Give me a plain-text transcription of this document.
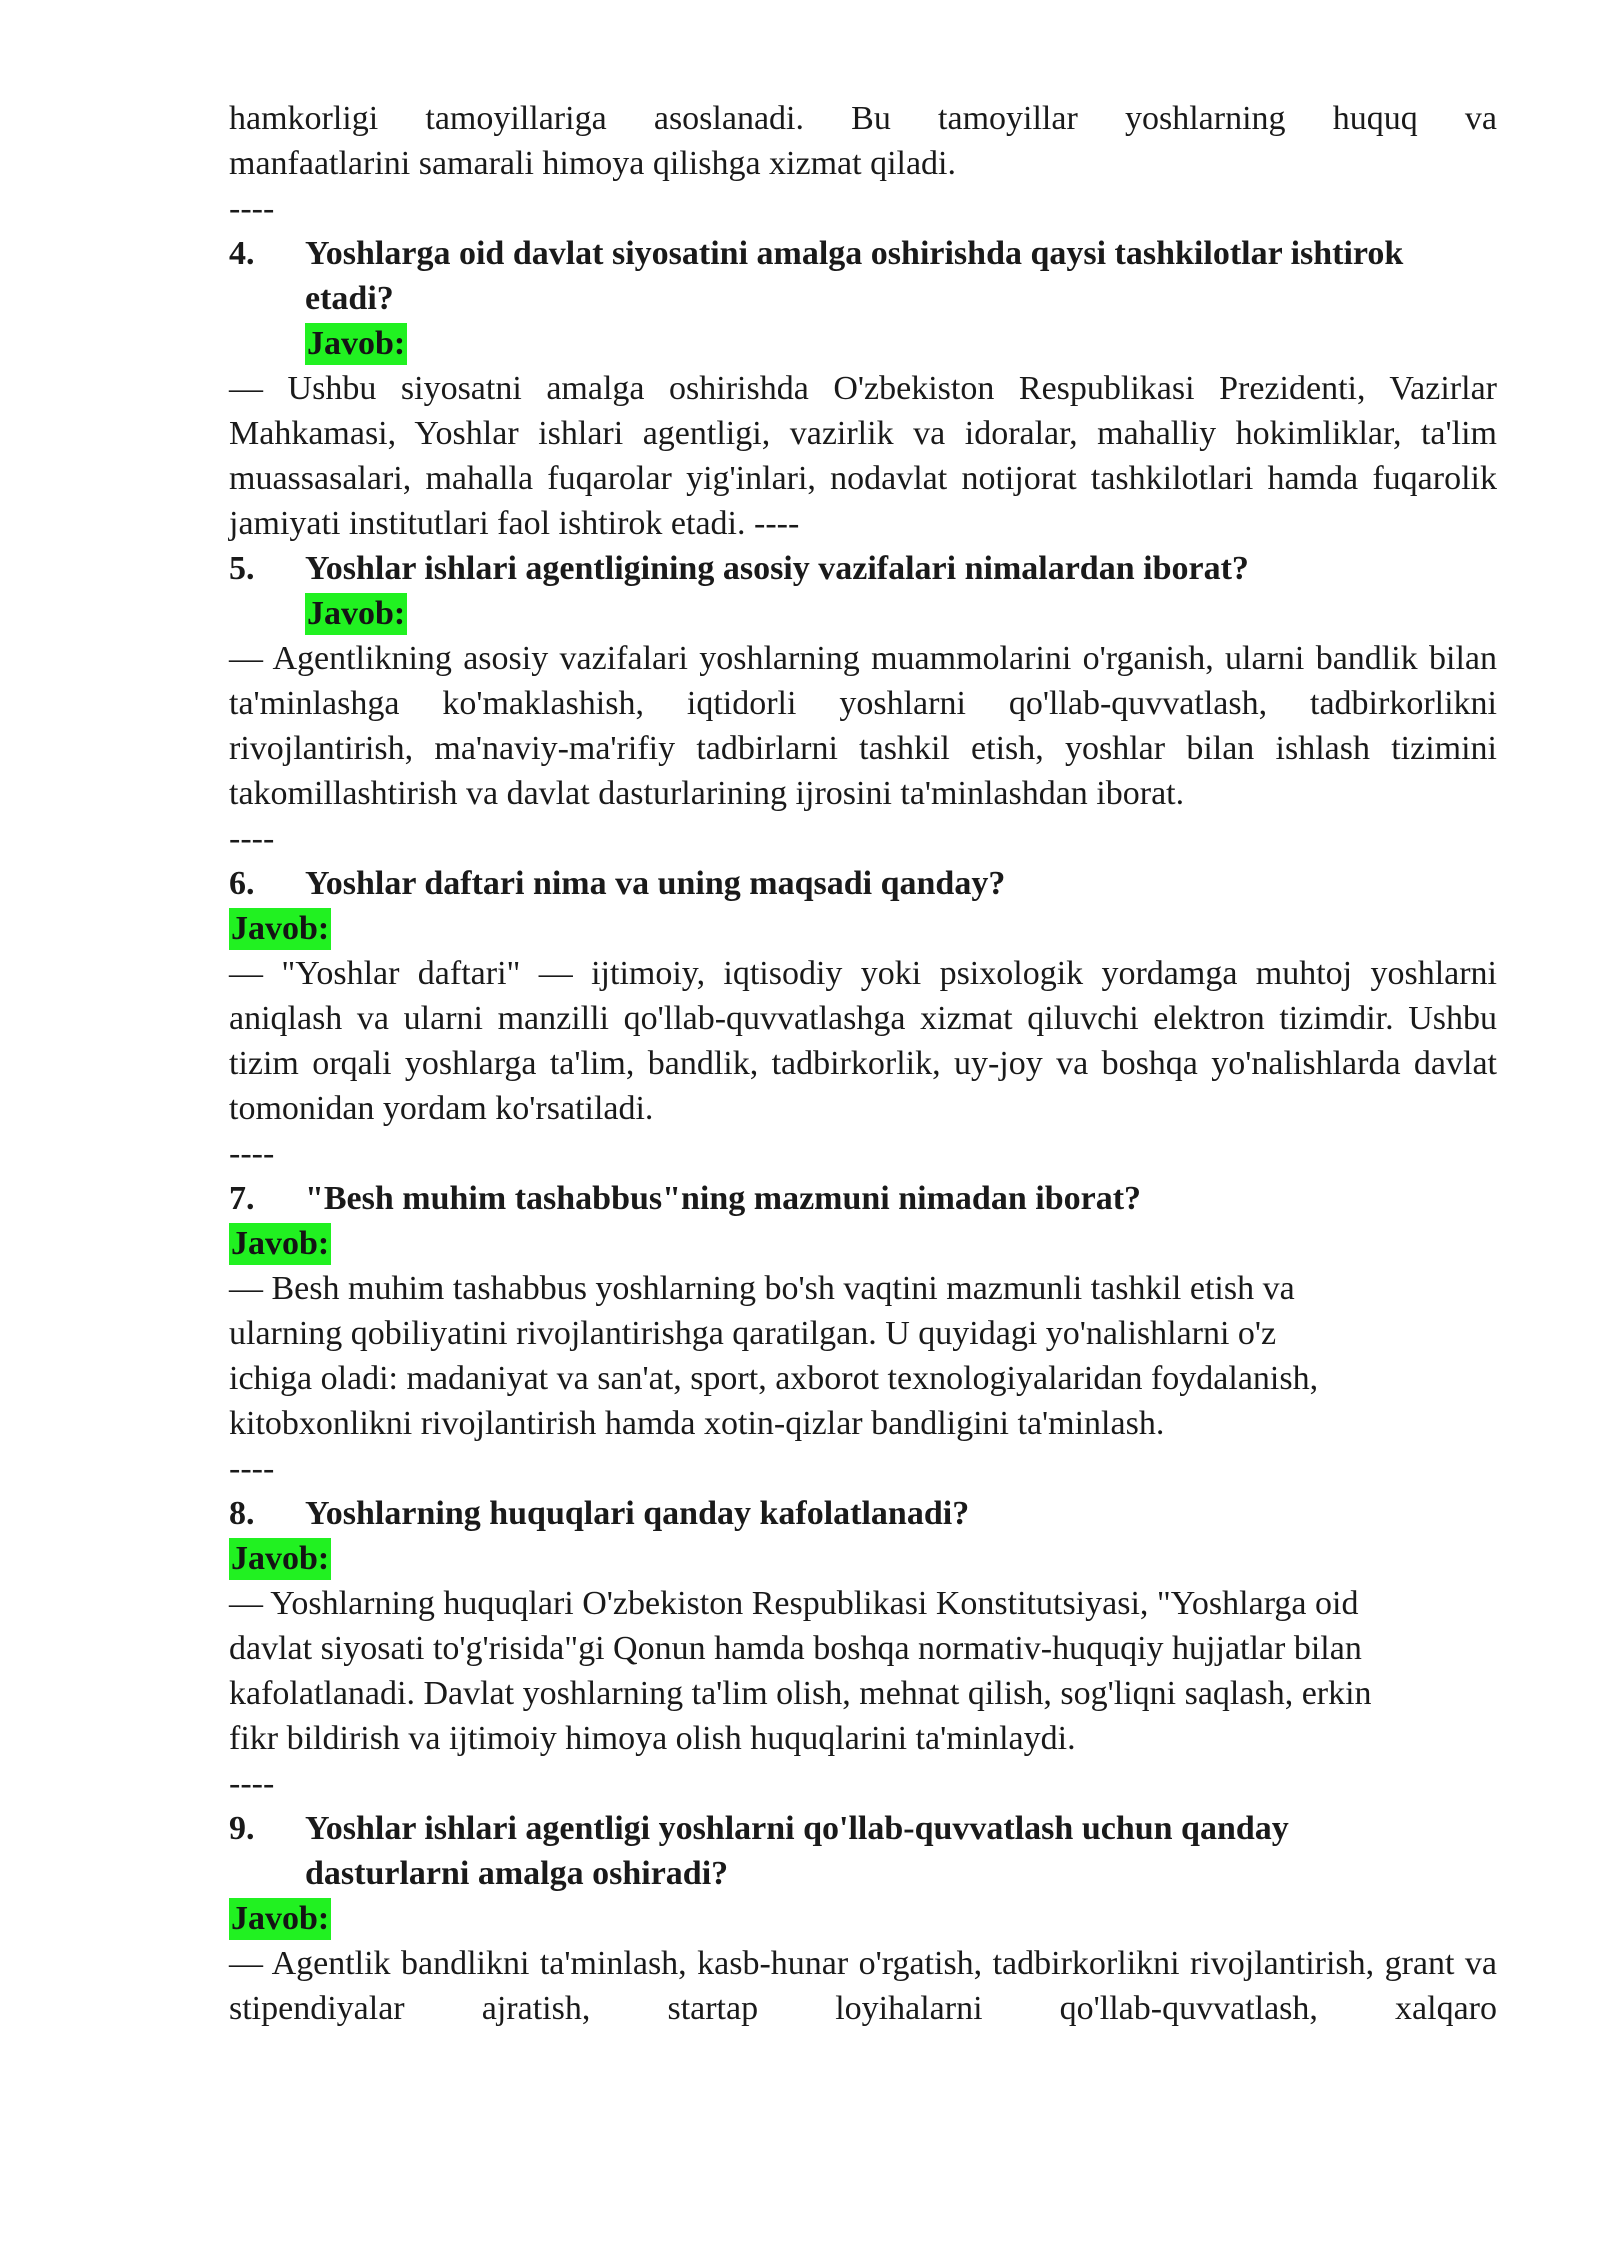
hamkorligi tamoyillariga asoslanadi. Bu tamoyillar yoshlarning huquq va

manfaatlarini samarali himoya qilishga xizmat qiladi.

----

4.	Yoshlarga oid davlat siyosatini amalga oshirishda qaysi tashkilotlar ishtirok etadi?
Javob:

— Ushbu siyosatni amalga oshirishda O'zbekiston Respublikasi Prezidenti, Vazirlar Mahkamasi, Yoshlar ishlari agentligi, vazirlik va idoralar, mahalliy hokimliklar, ta'lim muassasalari, mahalla fuqarolar yig'inlari, nodavlat notijorat tashkilotlari hamda fuqarolik jamiyati institutlari faol ishtirok etadi. ----

5.	Yoshlar ishlari agentligining asosiy vazifalari nimalardan iborat?
Javob:

— Agentlikning asosiy vazifalari yoshlarning muammolarini o'rganish, ularni bandlik bilan ta'minlashga ko'maklashish, iqtidorli yoshlarni qo'llab-quvvatlash, tadbirkorlikni rivojlantirish, ma'naviy-ma'rifiy tadbirlarni tashkil etish, yoshlar bilan ishlash tizimini takomillashtirish va davlat dasturlarining ijrosini ta'minlashdan iborat.

----

6.	Yoshlar daftari nima va uning maqsadi qanday?
Javob:

— "Yoshlar daftari" — ijtimoiy, iqtisodiy yoki psixologik yordamga muhtoj yoshlarni aniqlash va ularni manzilli qo'llab-quvvatlashga xizmat qiluvchi elektron tizimdir. Ushbu tizim orqali yoshlarga ta'lim, bandlik, tadbirkorlik, uy-joy va boshqa yo'nalishlarda davlat tomonidan yordam ko'rsatiladi.

----

7.	"Besh muhim tashabbus"ning mazmuni nimadan iborat?
Javob:

— Besh muhim tashabbus yoshlarning bo'sh vaqtini mazmunli tashkil etish va

ularning qobiliyatini rivojlantirishga qaratilgan. U quyidagi yo'nalishlarni o'z

ichiga oladi: madaniyat va san'at, sport, axborot texnologiyalaridan foydalanish,

kitobxonlikni rivojlantirish hamda xotin-qizlar bandligini ta'minlash.

----

8.	Yoshlarning huquqlari qanday kafolatlanadi?
Javob:

— Yoshlarning huquqlari O'zbekiston Respublikasi Konstitutsiyasi, "Yoshlarga oid

davlat siyosati to'g'risida"gi Qonun hamda boshqa normativ-huquqiy hujjatlar bilan

kafolatlanadi. Davlat yoshlarning ta'lim olish, mehnat qilish, sog'liqni saqlash, erkin

fikr bildirish va ijtimoiy himoya olish huquqlarini ta'minlaydi.

----

9.	Yoshlar ishlari agentligi yoshlarni qo'llab-quvvatlash uchun qanday dasturlarni amalga oshiradi?
Javob:

— Agentlik bandlikni ta'minlash, kasb-hunar o'rgatish, tadbirkorlikni rivojlantirish, grant va stipendiyalar ajratish, startap loyihalarni qo'llab-quvvatlash, xalqaro
